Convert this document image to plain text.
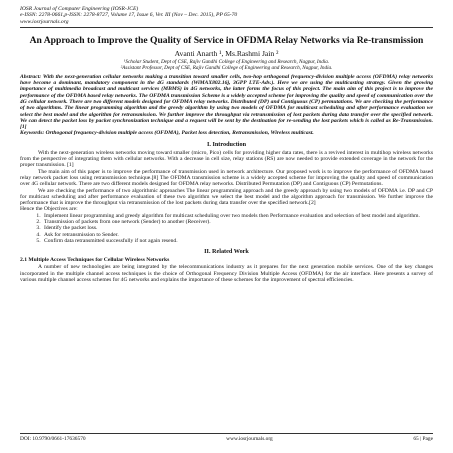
IOSR Journal of Computer Engineering (IOSR-JCE)
e-ISSN: 2278-0661,p-ISSN: 2278-8727, Volume 17, Issue 6, Ver. III (Nov – Dec. 2015), PP 65-70
www.iosrjournals.org
An Approach to Improve the Quality of Service in OFDMA Relay Networks via Re-transmission
Avanti Anarth ¹, Ms.Rashmi Jain ²
¹Scholar Student, Dept of CSE, Rajiv Gandhi College of Engineering and Research, Nagpur, India.
²Assistant Professor, Dept of CSE, Rajiv Gandhi College of Engineering and Research, Nagpur, India.

Abstract: With the next-generation cellular networks making a transition toward smaller cells, two-hop orthogonal frequency-division multiple access (OFDMA) relay networks have become a dominant, mandatory component in the 4G standards (WiMAX802.16j, 3GPP LTE-Adv.). Here we are using the multicasting strategy. Given the growing importance of multimedia broadcast and multicast services (MBMS) in 4G networks, the latter forms the focus of this project. The main aim of this project is to improve the performance of the OFDMA based relay networks. The OFDMA transmission Scheme is a widely accepted scheme for improving the quality and speed of communication over the 4G cellular network. There are two different models designed for OFDMA relay networks. Distributed (DP) and Contiguous (CP) permutations. We are checking the performance of two algorithms. The linear programming algorithm and the greedy algorithm by using two models of OFDMA for multicast scheduling and after performance evaluation we select the best model and the algorithm for retransmission. We further improve the throughput via retransmission of lost packets during data transfer over the specified network. We can detect the packet loss by packet synchronization technique and a request will be sent by the destination for re-sending the lost packets which is called as Re-Transmission.[1]

Keywords: Orthogonal frequency-division multiple access (OFDMA), Packet loss detection, Retransmission, Wireless multicast.

I. Introduction

With the next-generation wireless networks moving toward smaller (micro, Pico) cells for providing higher data rates, there is a revived interest in multihop wireless networks from the perspective of integrating them with cellular networks. With a decrease in cell size, relay stations (RS) are now needed to provide extended coverage in the network for the proper transmission. [1]

The main aim of this paper is to improve the performance of transmission used in network architecture. Our proposed work is to improve the performance of OFDMA based relay network packet loss using retransmission technique.[8] The OFDMA transmission scheme is a widely accepted scheme for improving the quality and speed of communication over 4G cellular network. There are two different models designed for OFDMA relay networks. Distributed Permutation (DP) and Contiguous (CP) Permutations.

We are checking the performance of two algorithmic approaches The linear programming approach and the greedy approach by using two models of OFDMA i.e. DP and CP for multicast scheduling and after performance evaluation of these two algorithm we select the best model and the algorithm approach for transmission. We further improve the performance that is improve the throughput via retransmission of the lost packets during data transfer over the specified network.[2]

Hence the Objectives are:

1. Implement linear programming and greedy algorithm for multicast scheduling over two models then Performance evaluation and selection of best model and algorithm.
2. Transmission of packets from one network (Sender) to another (Receiver).
3. Identify the packet loss.
4. Ask for retransmission to Sender.
5. Confirm data retransmitted successfully if not again resend.
II. Related Work
2.1 Multiple Access Techniques for Cellular Wireless Networks

A number of new technologies are being integrated by the telecommunications industry as it prepares for the next generation mobile services. One of the key changes incorporated in the multiple channel access techniques is the choice of Orthogonal Frequency Division Multiple Access (OFDMA) for the air interface. Here presents a survey of various multiple channel access schemes for 4G networks and explains the importance of these schemes for the improvement of spectral efficiencies.

DOI: 10.9790/0661-17636570	www.iosrjournals.org	65 | Page
